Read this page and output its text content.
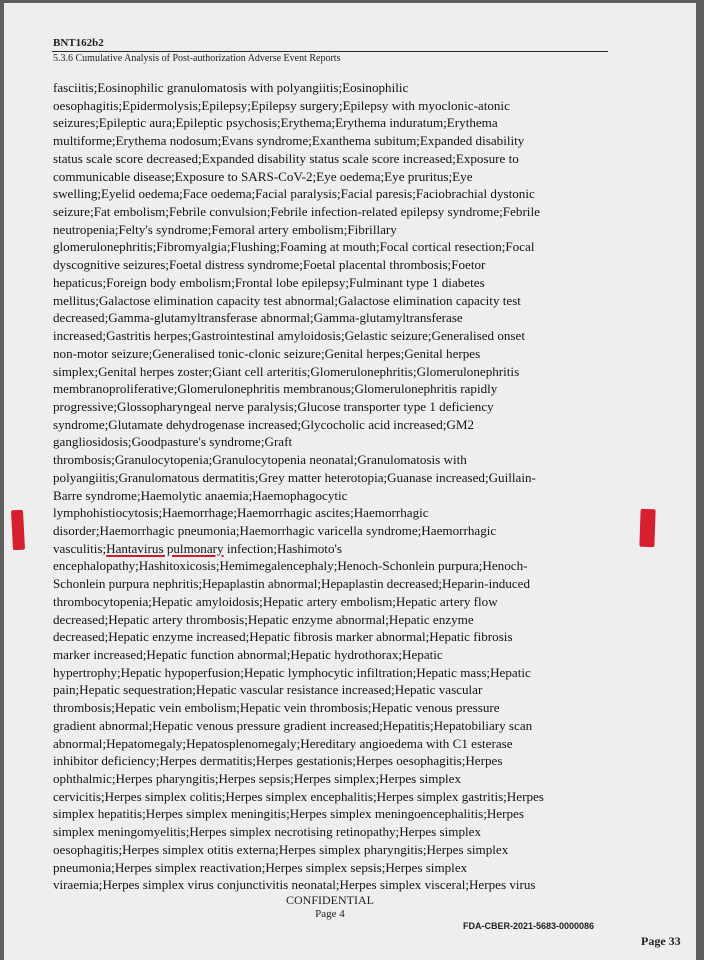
BNT162b2
5.3.6 Cumulative Analysis of Post-authorization Adverse Event Reports
fasciitis;Eosinophilic granulomatosis with polyangiitis;Eosinophilic
oesophagitis;Epidermolysis;Epilepsy;Epilepsy surgery;Epilepsy with myoclonic-atonic
seizures;Epileptic aura;Epileptic psychosis;Erythema;Erythema induratum;Erythema
multiforme;Erythema nodosum;Evans syndrome;Exanthema subitum;Expanded disability
status scale score decreased;Expanded disability status scale score increased;Exposure to
communicable disease;Exposure to SARS-CoV-2;Eye oedema;Eye pruritus;Eye
swelling;Eyelid oedema;Face oedema;Facial paralysis;Facial paresis;Faciobrachial dystonic
seizure;Fat embolism;Febrile convulsion;Febrile infection-related epilepsy syndrome;Febrile
neutropenia;Felty's syndrome;Femoral artery embolism;Fibrillary
glomerulonephritis;Fibromyalgia;Flushing;Foaming at mouth;Focal cortical resection;Focal
dyscognitive seizures;Foetal distress syndrome;Foetal placental thrombosis;Foetor
hepaticus;Foreign body embolism;Frontal lobe epilepsy;Fulminant type 1 diabetes
mellitus;Galactose elimination capacity test abnormal;Galactose elimination capacity test
decreased;Gamma-glutamyltransferase abnormal;Gamma-glutamyltransferase
increased;Gastritis herpes;Gastrointestinal amyloidosis;Gelastic seizure;Generalised onset
non-motor seizure;Generalised tonic-clonic seizure;Genital herpes;Genital herpes
simplex;Genital herpes zoster;Giant cell arteritis;Glomerulonephritis;Glomerulonephritis
membranoproliferative;Glomerulonephritis membranous;Glomerulonephritis rapidly
progressive;Glossopharyngeal nerve paralysis;Glucose transporter type 1 deficiency
syndrome;Glutamate dehydrogenase increased;Glycocholic acid increased;GM2
gangliosidosis;Goodpasture's syndrome;Graft
thrombosis;Granulocytopenia;Granulocytopenia neonatal;Granulomatosis with
polyangiitis;Granulomatous dermatitis;Grey matter heterotopia;Guanase increased;Guillain-
Barre syndrome;Haemolytic anaemia;Haemophagocytic
lymphohistiocytosis;Haemorrhage;Haemorrhagic ascites;Haemorrhagic
disorder;Haemorrhagic pneumonia;Haemorrhagic varicella syndrome;Haemorrhagic
vasculitis;Hantavirus pulmonary infection;Hashimoto's
encephalopathy;Hashitoxicosis;Hemimegalencephaly;Henoch-Schonlein purpura;Henoch-
Schonlein purpura nephritis;Hepaplastin abnormal;Hepaplastin decreased;Heparin-induced
thrombocytopenia;Hepatic amyloidosis;Hepatic artery embolism;Hepatic artery flow
decreased;Hepatic artery thrombosis;Hepatic enzyme abnormal;Hepatic enzyme
decreased;Hepatic enzyme increased;Hepatic fibrosis marker abnormal;Hepatic fibrosis
marker increased;Hepatic function abnormal;Hepatic hydrothorax;Hepatic
hypertrophy;Hepatic hypoperfusion;Hepatic lymphocytic infiltration;Hepatic mass;Hepatic
pain;Hepatic sequestration;Hepatic vascular resistance increased;Hepatic vascular
thrombosis;Hepatic vein embolism;Hepatic vein thrombosis;Hepatic venous pressure
gradient abnormal;Hepatic venous pressure gradient increased;Hepatitis;Hepatobiliary scan
abnormal;Hepatomegaly;Hepatosplenomegaly;Hereditary angioedema with C1 esterase
inhibitor deficiency;Herpes dermatitis;Herpes gestationis;Herpes oesophagitis;Herpes
ophthalmic;Herpes pharyngitis;Herpes sepsis;Herpes simplex;Herpes simplex
cervicitis;Herpes simplex colitis;Herpes simplex encephalitis;Herpes simplex gastritis;Herpes
simplex hepatitis;Herpes simplex meningitis;Herpes simplex meningoencephalitis;Herpes
simplex meningomyelitis;Herpes simplex necrotising retinopathy;Herpes simplex
oesophagitis;Herpes simplex otitis externa;Herpes simplex pharyngitis;Herpes simplex
pneumonia;Herpes simplex reactivation;Herpes simplex sepsis;Herpes simplex
viraemia;Herpes simplex virus conjunctivitis neonatal;Herpes simplex visceral;Herpes virus
CONFIDENTIAL
Page 4
FDA-CBER-2021-5683-0000086
Page 33
